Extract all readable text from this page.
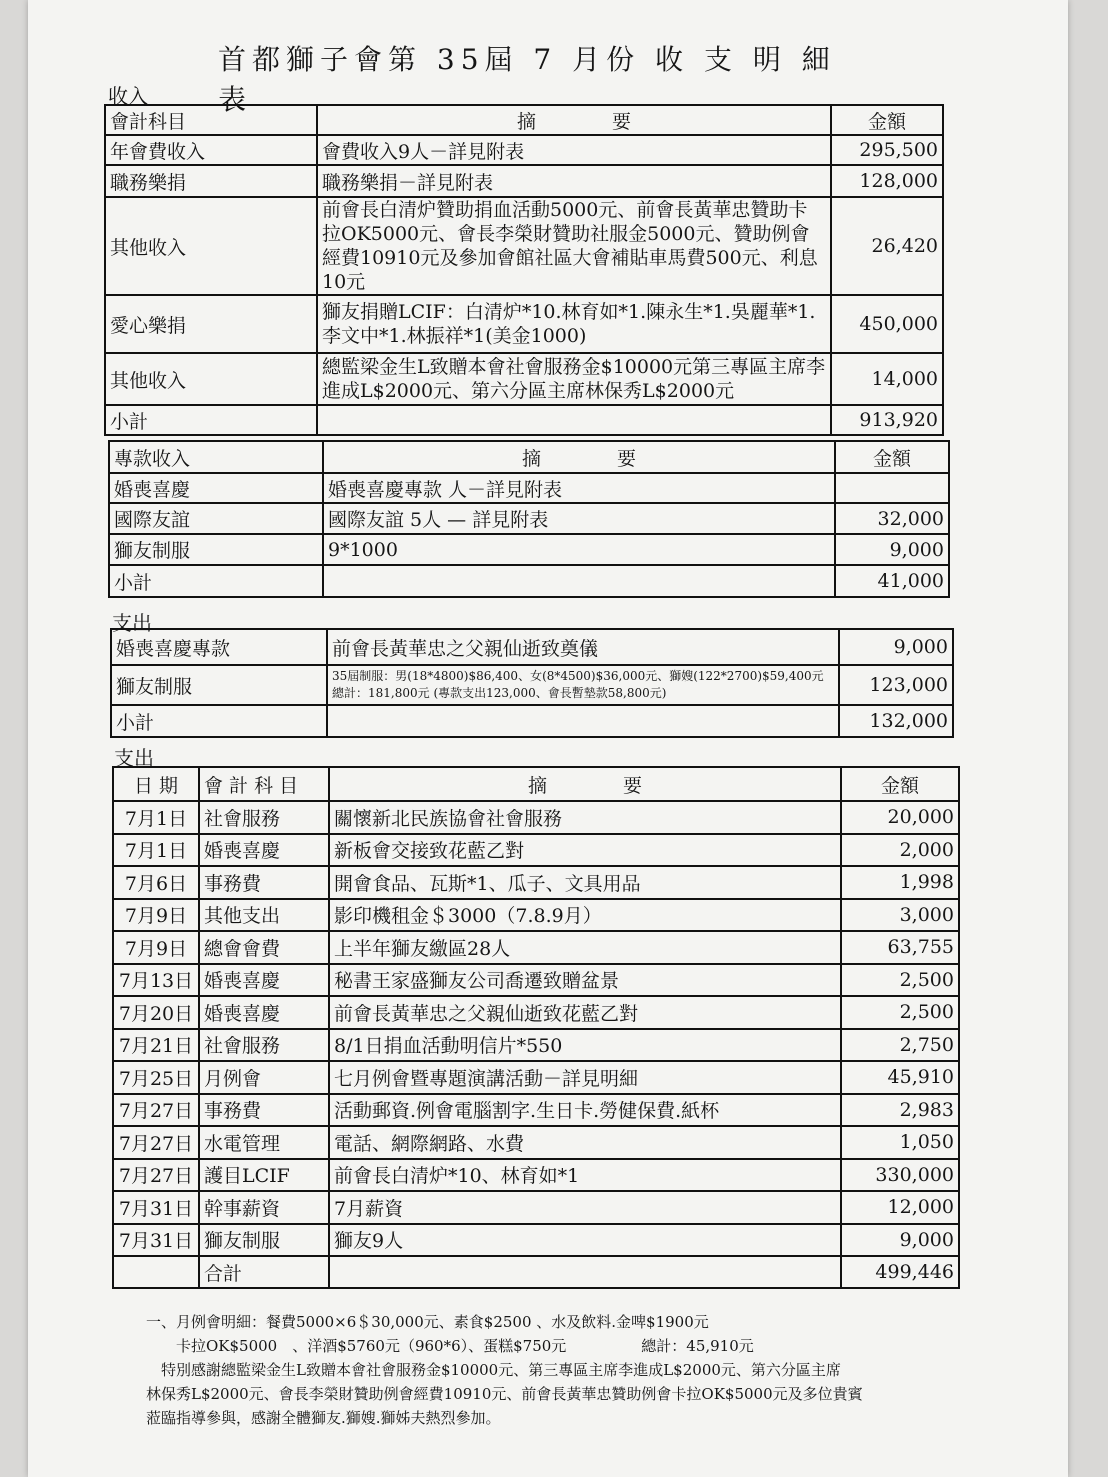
首都獅子會第 35屆 7 月份 收 支 明 細 表
收入
會計科目	摘　　　　要	金額
年會費收入	會費收入9人－詳見附表	295,500
職務樂捐	職務樂捐－詳見附表	128,000
其他收入	前會長白清炉贊助捐血活動5000元、前會長黃華忠贊助卡拉OK5000元、會長李榮財贊助社服金5000元、贊助例會經費10910元及參加會館社區大會補貼車馬費500元、利息10元	26,420
愛心樂捐	獅友捐贈LCIF：白清炉*10.林育如*1.陳永生*1.吳麗華*1.李文中*1.林振祥*1(美金1000)	450,000
其他收入	總監梁金生L致贈本會社會服務金$10000元第三專區主席李進成L$2000元、第六分區主席林保秀L$2000元	14,000
小計		913,920
專款收入	摘　　　　要	金額
婚喪喜慶	婚喪喜慶專款 人－詳見附表	
國際友誼	國際友誼 5人 — 詳見附表	32,000
獅友制服	9*1000	9,000
小計		41,000
支出
婚喪喜慶專款	前會長黃華忠之父親仙逝致奠儀	9,000
獅友制服	35屆制服：男(18*4800)$86,400、女(8*4500)$36,000元、獅嫂(122*2700)$59,400元　總計：181,800元 (專款支出123,000、會長暫墊款58,800元)	123,000
小計		132,000
支出
日 期	會 計 科 目	摘　　　　要	金額
7月1日	社會服務	關懷新北民族協會社會服務	20,000
7月1日	婚喪喜慶	新板會交接致花藍乙對	2,000
7月6日	事務費	開會食品、瓦斯*1、瓜子、文具用品	1,998
7月9日	其他支出	影印機租金＄3000（7.8.9月）	3,000
7月9日	總會會費	上半年獅友繳區28人	63,755
7月13日	婚喪喜慶	秘書王家盛獅友公司喬遷致贈盆景	2,500
7月20日	婚喪喜慶	前會長黃華忠之父親仙逝致花藍乙對	2,500
7月21日	社會服務	8/1日捐血活動明信片*550	2,750
7月25日	月例會	七月例會暨專題演講活動－詳見明細	45,910
7月27日	事務費	活動郵資.例會電腦割字.生日卡.勞健保費.紙杯	2,983
7月27日	水電管理	電話、網際網路、水費	1,050
7月27日	護目LCIF	前會長白清炉*10、林育如*1	330,000
7月31日	幹事薪資	7月薪資	12,000
7月31日	獅友制服	獅友9人	9,000
	合計		499,446
一、月例會明細：餐費5000×6＄30,000元、素食$2500 、水及飲料.金啤$1900元
　　卡拉OK$5000　、洋酒$5760元（960*6）、蛋糕$750元　　　　　總計：45,910元
　特別感謝總監梁金生L致贈本會社會服務金$10000元、第三專區主席李進成L$2000元、第六分區主席
林保秀L$2000元、會長李榮財贊助例會經費10910元、前會長黃華忠贊助例會卡拉OK$5000元及多位貴賓
蒞臨指導參與，感謝全體獅友.獅嫂.獅姊夫熱烈參加。
